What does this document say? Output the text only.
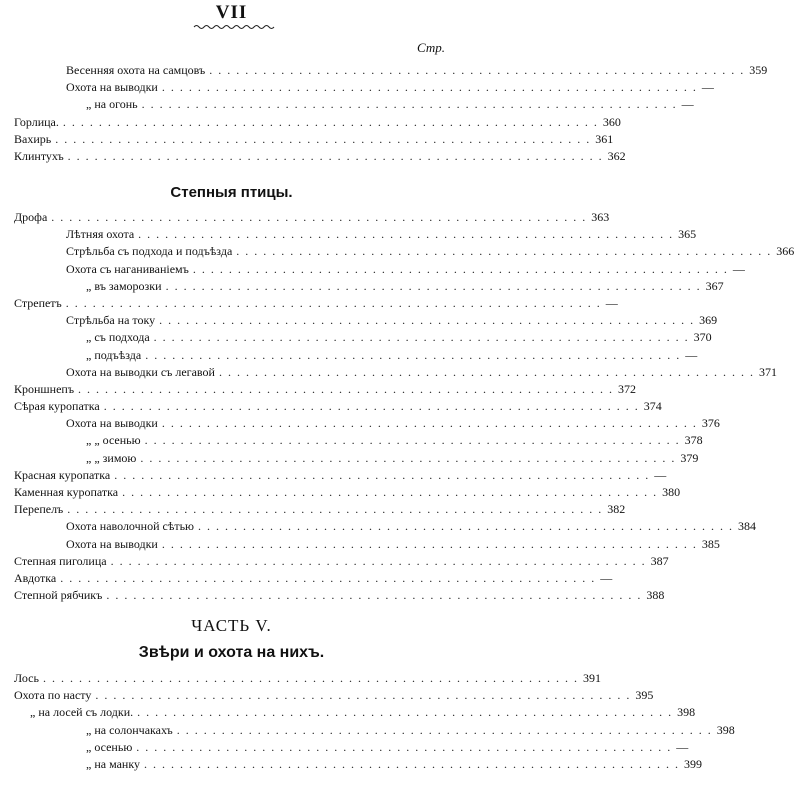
VII
Стр.
Весенняя охота на самцовъ ............................................................ 359
Охота на выводки ............................................................ —
„ на огонь ............................................................ —
Горлица. ............................................................ 360
Вахирь ............................................................ 361
Клинтухъ ............................................................ 362
Степныя птицы.
Дрофа ............................................................ 363
Лѣтняя охота ............................................................ 365
Стрѣльба съ подхода и подъѣзда ............................................................ 366
Охота съ наганиваніемъ ............................................................ —
„ въ заморозки ............................................................ 367
Стрепетъ ............................................................ —
Стрѣльба на току ............................................................ 369
„ съ подхода ............................................................ 370
„ подъѣзда ............................................................ —
Охота на выводки съ легавой ............................................................ 371
Кроншнепъ ............................................................ 372
Сѣрая куропатка ............................................................ 374
Охота на выводки ............................................................ 376
„ „ осенью ............................................................ 378
„ „ зимою ............................................................ 379
Красная куропатка ............................................................ —
Каменная куропатка ............................................................ 380
Перепелъ ............................................................ 382
Охота наволочной сѣтью ............................................................ 384
Охота на выводки ............................................................ 385
Степная пиголица ............................................................ 387
Авдотка ............................................................ —
Степной рябчикъ ............................................................ 388
ЧАСТЬ V.
Звѣри и охота на нихъ.
Лось ............................................................ 391
Охота по насту ............................................................ 395
„ на лосей съ лодки. ............................................................ 398
„ на солончакахъ ............................................................ 398
„ осенью ............................................................ —
„ на манку ............................................................ 399
